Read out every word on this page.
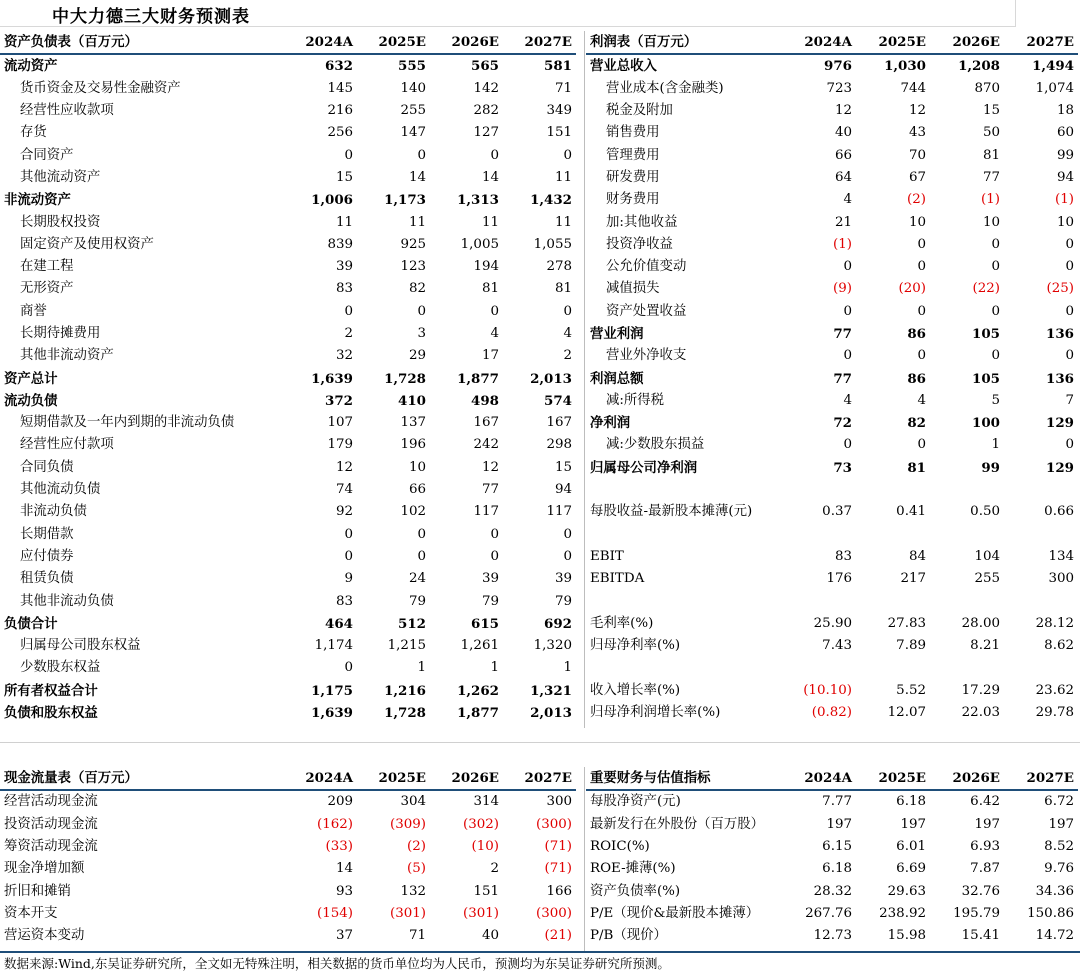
中大力德三大财务预测表
资产负债表（百万元）	2024A	2025E	2026E	2027E
流动资产	632	555	565	581
货币资金及交易性金融资产	145	140	142	71
经营性应收款项	216	255	282	349
存货	256	147	127	151
合同资产	0	0	0	0
其他流动资产	15	14	14	11
非流动资产	1,006	1,173	1,313	1,432
长期股权投资	11	11	11	11
固定资产及使用权资产	839	925	1,005	1,055
在建工程	39	123	194	278
无形资产	83	82	81	81
商誉	0	0	0	0
长期待摊费用	2	3	4	4
其他非流动资产	32	29	17	2
资产总计	1,639	1,728	1,877	2,013
流动负债	372	410	498	574
短期借款及一年内到期的非流动负债	107	137	167	167
经营性应付款项	179	196	242	298
合同负债	12	10	12	15
其他流动负债	74	66	77	94
非流动负债	92	102	117	117
长期借款	0	0	0	0
应付债券	0	0	0	0
租赁负债	9	24	39	39
其他非流动负债	83	79	79	79
负债合计	464	512	615	692
归属母公司股东权益	1,174	1,215	1,261	1,320
少数股东权益	0	1	1	1
所有者权益合计	1,175	1,216	1,262	1,321
负债和股东权益	1,639	1,728	1,877	2,013
利润表（百万元）	2024A	2025E	2026E	2027E
营业总收入	976	1,030	1,208	1,494
营业成本(含金融类)	723	744	870	1,074
税金及附加	12	12	15	18
销售费用	40	43	50	60
管理费用	66	70	81	99
研发费用	64	67	77	94
财务费用	4	(2)	(1)	(1)
加:其他收益	21	10	10	10
投资净收益	(1)	0	0	0
公允价值变动	0	0	0	0
减值损失	(9)	(20)	(22)	(25)
资产处置收益	0	0	0	0
营业利润	77	86	105	136
营业外净收支	0	0	0	0
利润总额	77	86	105	136
减:所得税	4	4	5	7
净利润	72	82	100	129
减:少数股东损益	0	0	1	0
归属母公司净利润	73	81	99	129

每股收益-最新股本摊薄(元)	0.37	0.41	0.50	0.66

EBIT	83	84	104	134
EBITDA	176	217	255	300

毛利率(%)	25.90	27.83	28.00	28.12
归母净利率(%)	7.43	7.89	8.21	8.62

收入增长率(%)	(10.10)	5.52	17.29	23.62
归母净利润增长率(%)	(0.82)	12.07	22.03	29.78
现金流量表（百万元）	2024A	2025E	2026E	2027E
经营活动现金流	209	304	314	300
投资活动现金流	(162)	(309)	(302)	(300)
筹资活动现金流	(33)	(2)	(10)	(71)
现金净增加额	14	(5)	2	(71)
折旧和摊销	93	132	151	166
资本开支	(154)	(301)	(301)	(300)
营运资本变动	37	71	40	(21)
重要财务与估值指标	2024A	2025E	2026E	2027E
每股净资产(元)	7.77	6.18	6.42	6.72
最新发行在外股份（百万股）	197	197	197	197
ROIC(%)	6.15	6.01	6.93	8.52
ROE-摊薄(%)	6.18	6.69	7.87	9.76
资产负债率(%)	28.32	29.63	32.76	34.36
P/E（现价&最新股本摊薄）	267.76	238.92	195.79	150.86
P/B（现价）	12.73	15.98	15.41	14.72
数据来源:Wind,东吴证券研究所，全文如无特殊注明，相关数据的货币单位均为人民币，预测均为东吴证券研究所预测。
